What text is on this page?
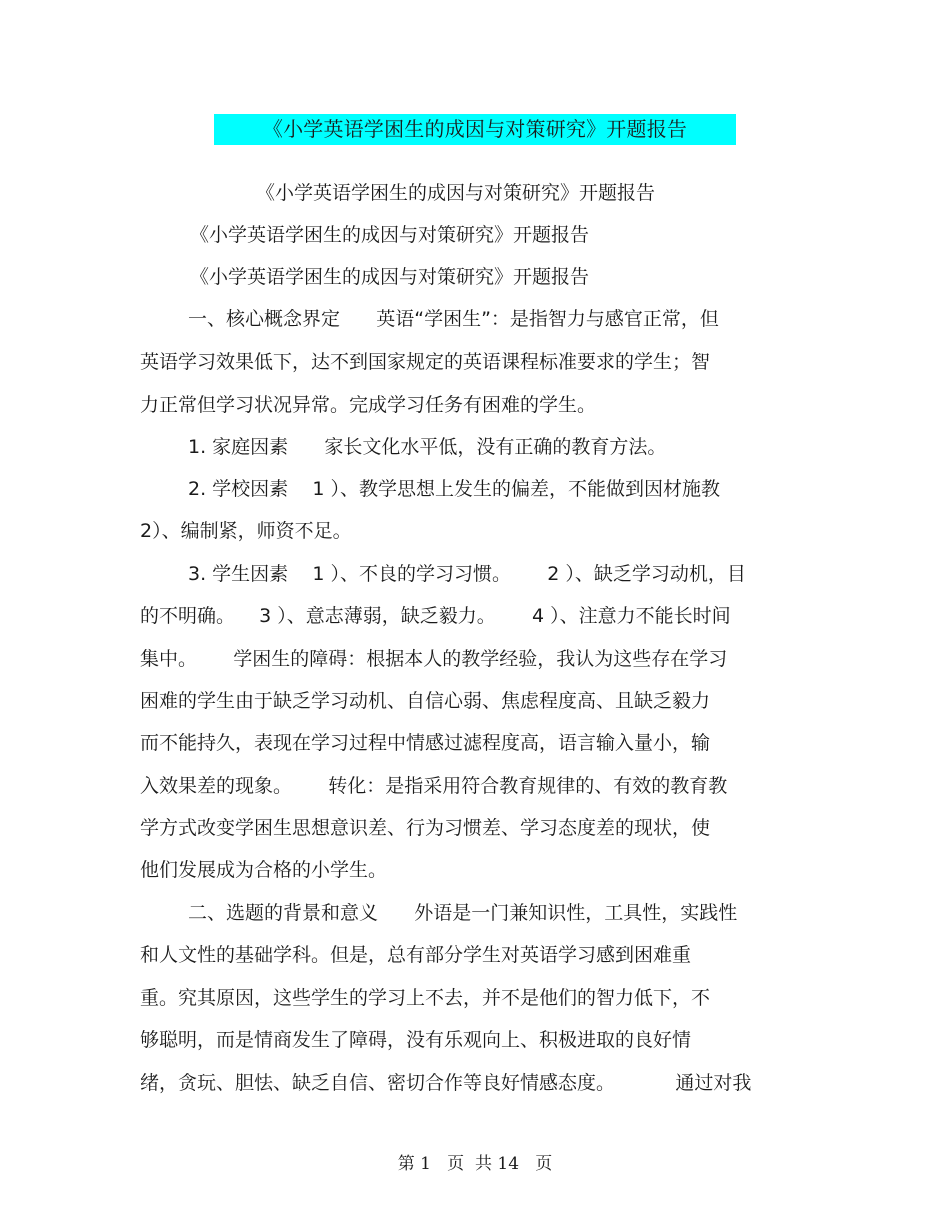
《小学英语学困生的成因与对策研究》开题报告
《小学英语学困生的成因与对策研究》开题报告
《小学英语学困生的成因与对策研究》开题报告
《小学英语学困生的成因与对策研究》开题报告
一、核心概念界定      英语“学困生”：是指智力与感官正常，但
英语学习效果低下，达不到国家规定的英语课程标准要求的学生；智
力正常但学习状况异常。完成学习任务有困难的学生。
1. 家庭因素      家长文化水平低，没有正确的教育方法。
2. 学校因素    1 ）、教学思想上发生的偏差，不能做到因材施教
2）、编制紧，师资不足。
3. 学生因素    1 ）、不良的学习习惯。      2 ）、缺乏学习动机，目
的不明确。    3 ）、意志薄弱，缺乏毅力。      4 ）、注意力不能长时间
集中。      学困生的障碍：根据本人的教学经验，我认为这些存在学习
困难的学生由于缺乏学习动机、自信心弱、焦虑程度高、且缺乏毅力
而不能持久，表现在学习过程中情感过滤程度高，语言输入量小，输
入效果差的现象。      转化：是指采用符合教育规律的、有效的教育教
学方式改变学困生思想意识差、行为习惯差、学习态度差的现状，使
他们发展成为合格的小学生。
二、选题的背景和意义      外语是一门兼知识性，工具性，实践性
和人文性的基础学科。但是，总有部分学生对英语学习感到困难重
重。究其原因，这些学生的学习上不去，并不是他们的智力低下，不
够聪明，而是情商发生了障碍，没有乐观向上、积极进取的良好情
绪，贪玩、胆怯、缺乏自信、密切合作等良好情感态度。          通过对我
第 1   页  共 14   页
